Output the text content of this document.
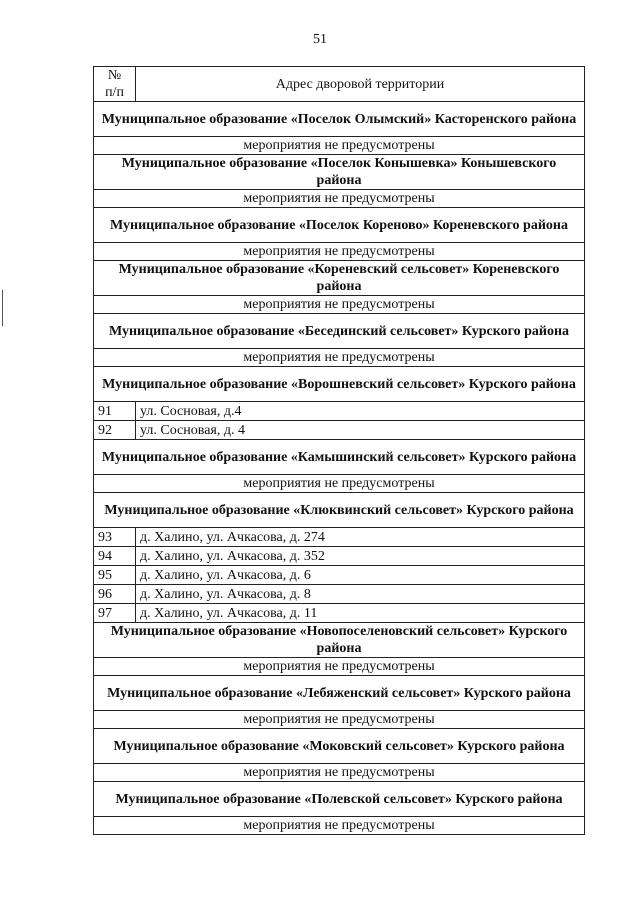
51
№
п/п	Адрес дворовой территории
Муниципальное образование «Поселок Олымский» Касторенского района	
мероприятия не предусмотрены	
Муниципальное образование «Поселок Конышевка» Конышевского района	
мероприятия не предусмотрены	
Муниципальное образование «Поселок Кореново» Кореневского района	
мероприятия не предусмотрены	
Муниципальное образование «Кореневский сельсовет» Кореневского района	
мероприятия не предусмотрены	
Муниципальное образование «Бесединский сельсовет» Курского района	
мероприятия не предусмотрены	
Муниципальное образование «Ворошневский сельсовет» Курского района	
91	ул. Сосновая, д.4
92	ул. Сосновая, д. 4
Муниципальное образование «Камышинский сельсовет» Курского района	
мероприятия не предусмотрены	
Муниципальное образование «Клюквинский сельсовет» Курского района	
93	д. Халино, ул. Ачкасова, д. 274
94	д. Халино, ул. Ачкасова, д. 352
95	д. Халино, ул. Ачкасова, д. 6
96	д. Халино, ул. Ачкасова, д. 8
97	д. Халино, ул. Ачкасова, д. 11
Муниципальное образование «Новопоселеновский сельсовет» Курского района	
мероприятия не предусмотрены	
Муниципальное образование «Лебяженский сельсовет» Курского района	
мероприятия не предусмотрены	
Муниципальное образование «Моковский сельсовет» Курского района	
мероприятия не предусмотрены	
Муниципальное образование «Полевской сельсовет» Курского района	
мероприятия не предусмотрены	
